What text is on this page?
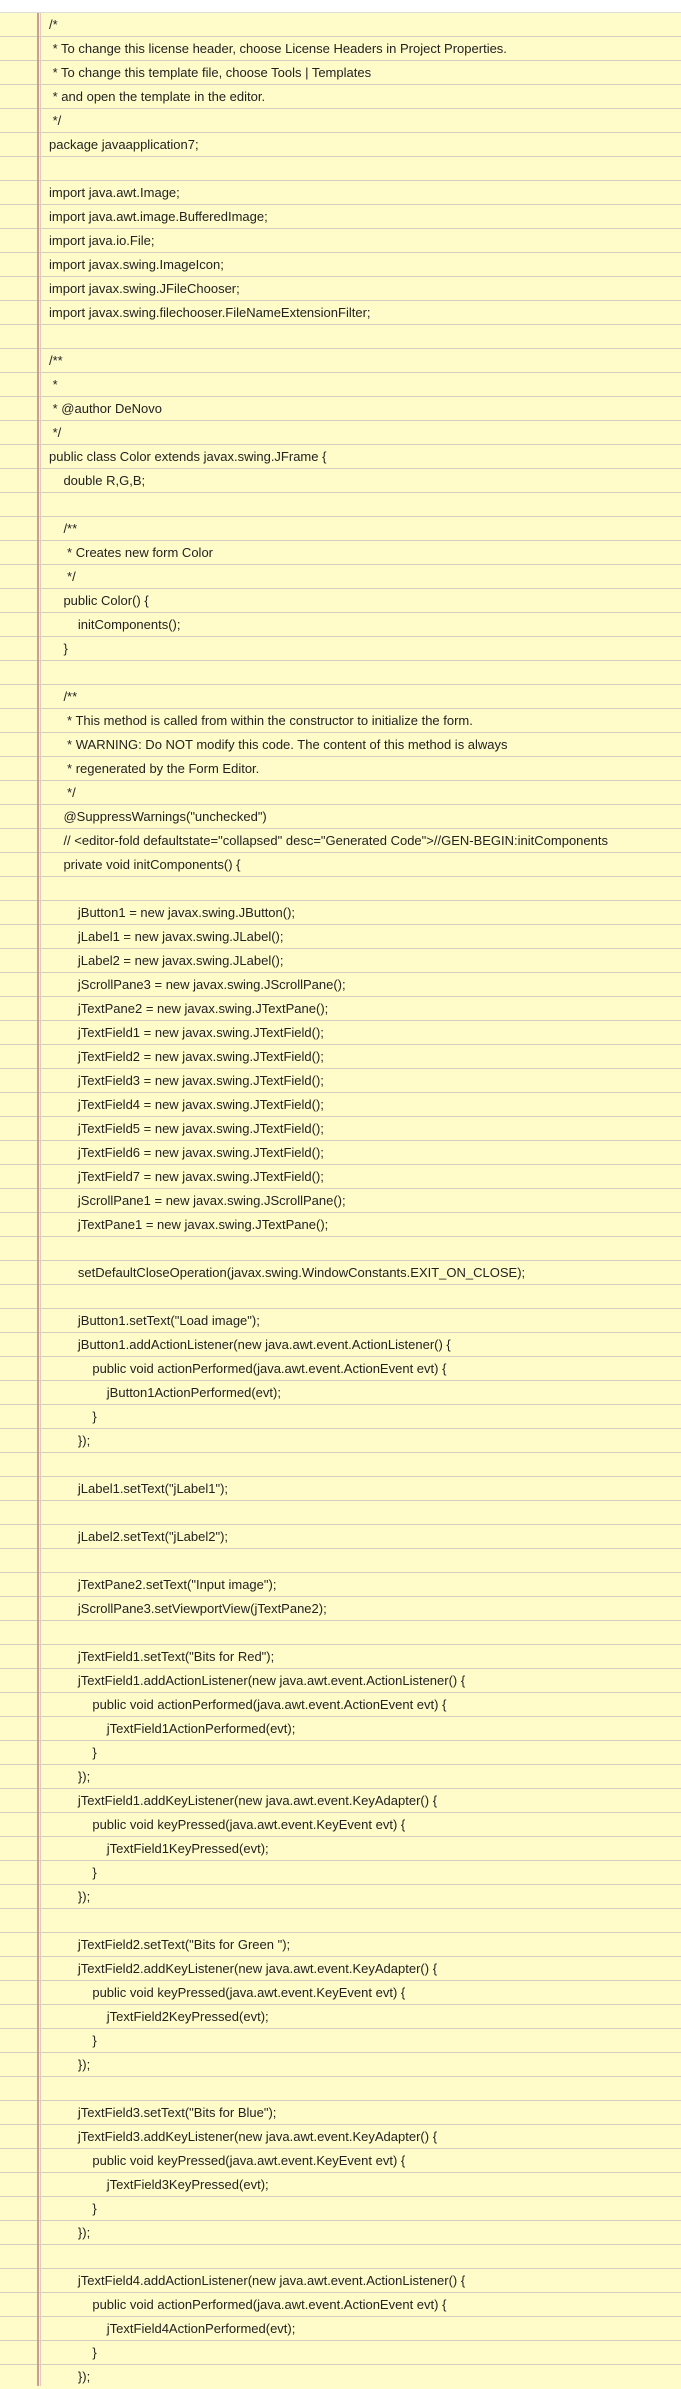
/*
* To change this license header, choose License Headers in Project Properties.
* To change this template file, choose Tools | Templates
* and open the template in the editor.
*/
package javaapplication7;
import java.awt.Image;
import java.awt.image.BufferedImage;
import java.io.File;
import javax.swing.ImageIcon;
import javax.swing.JFileChooser;
import javax.swing.filechooser.FileNameExtensionFilter;
/**
*
* @author DeNovo
*/
public class Color extends javax.swing.JFrame {
double R,G,B;
/**
* Creates new form Color
*/
public Color() {
initComponents();
}
/**
* This method is called from within the constructor to initialize the form.
* WARNING: Do NOT modify this code. The content of this method is always
* regenerated by the Form Editor.
*/
@SuppressWarnings("unchecked")
// <editor-fold defaultstate="collapsed" desc="Generated Code">//GEN-BEGIN:initComponents
private void initComponents() {
jButton1 = new javax.swing.JButton();
jLabel1 = new javax.swing.JLabel();
jLabel2 = new javax.swing.JLabel();
jScrollPane3 = new javax.swing.JScrollPane();
jTextPane2 = new javax.swing.JTextPane();
jTextField1 = new javax.swing.JTextField();
jTextField2 = new javax.swing.JTextField();
jTextField3 = new javax.swing.JTextField();
jTextField4 = new javax.swing.JTextField();
jTextField5 = new javax.swing.JTextField();
jTextField6 = new javax.swing.JTextField();
jTextField7 = new javax.swing.JTextField();
jScrollPane1 = new javax.swing.JScrollPane();
jTextPane1 = new javax.swing.JTextPane();
setDefaultCloseOperation(javax.swing.WindowConstants.EXIT_ON_CLOSE);
jButton1.setText("Load image");
jButton1.addActionListener(new java.awt.event.ActionListener() {
public void actionPerformed(java.awt.event.ActionEvent evt) {
jButton1ActionPerformed(evt);
}
});
jLabel1.setText("jLabel1");
jLabel2.setText("jLabel2");
jTextPane2.setText("Input image");
jScrollPane3.setViewportView(jTextPane2);
jTextField1.setText("Bits for Red");
jTextField1.addActionListener(new java.awt.event.ActionListener() {
public void actionPerformed(java.awt.event.ActionEvent evt) {
jTextField1ActionPerformed(evt);
}
});
jTextField1.addKeyListener(new java.awt.event.KeyAdapter() {
public void keyPressed(java.awt.event.KeyEvent evt) {
jTextField1KeyPressed(evt);
}
});
jTextField2.setText("Bits for Green ");
jTextField2.addKeyListener(new java.awt.event.KeyAdapter() {
public void keyPressed(java.awt.event.KeyEvent evt) {
jTextField2KeyPressed(evt);
}
});
jTextField3.setText("Bits for Blue");
jTextField3.addKeyListener(new java.awt.event.KeyAdapter() {
public void keyPressed(java.awt.event.KeyEvent evt) {
jTextField3KeyPressed(evt);
}
});
jTextField4.addActionListener(new java.awt.event.ActionListener() {
public void actionPerformed(java.awt.event.ActionEvent evt) {
jTextField4ActionPerformed(evt);
}
});
